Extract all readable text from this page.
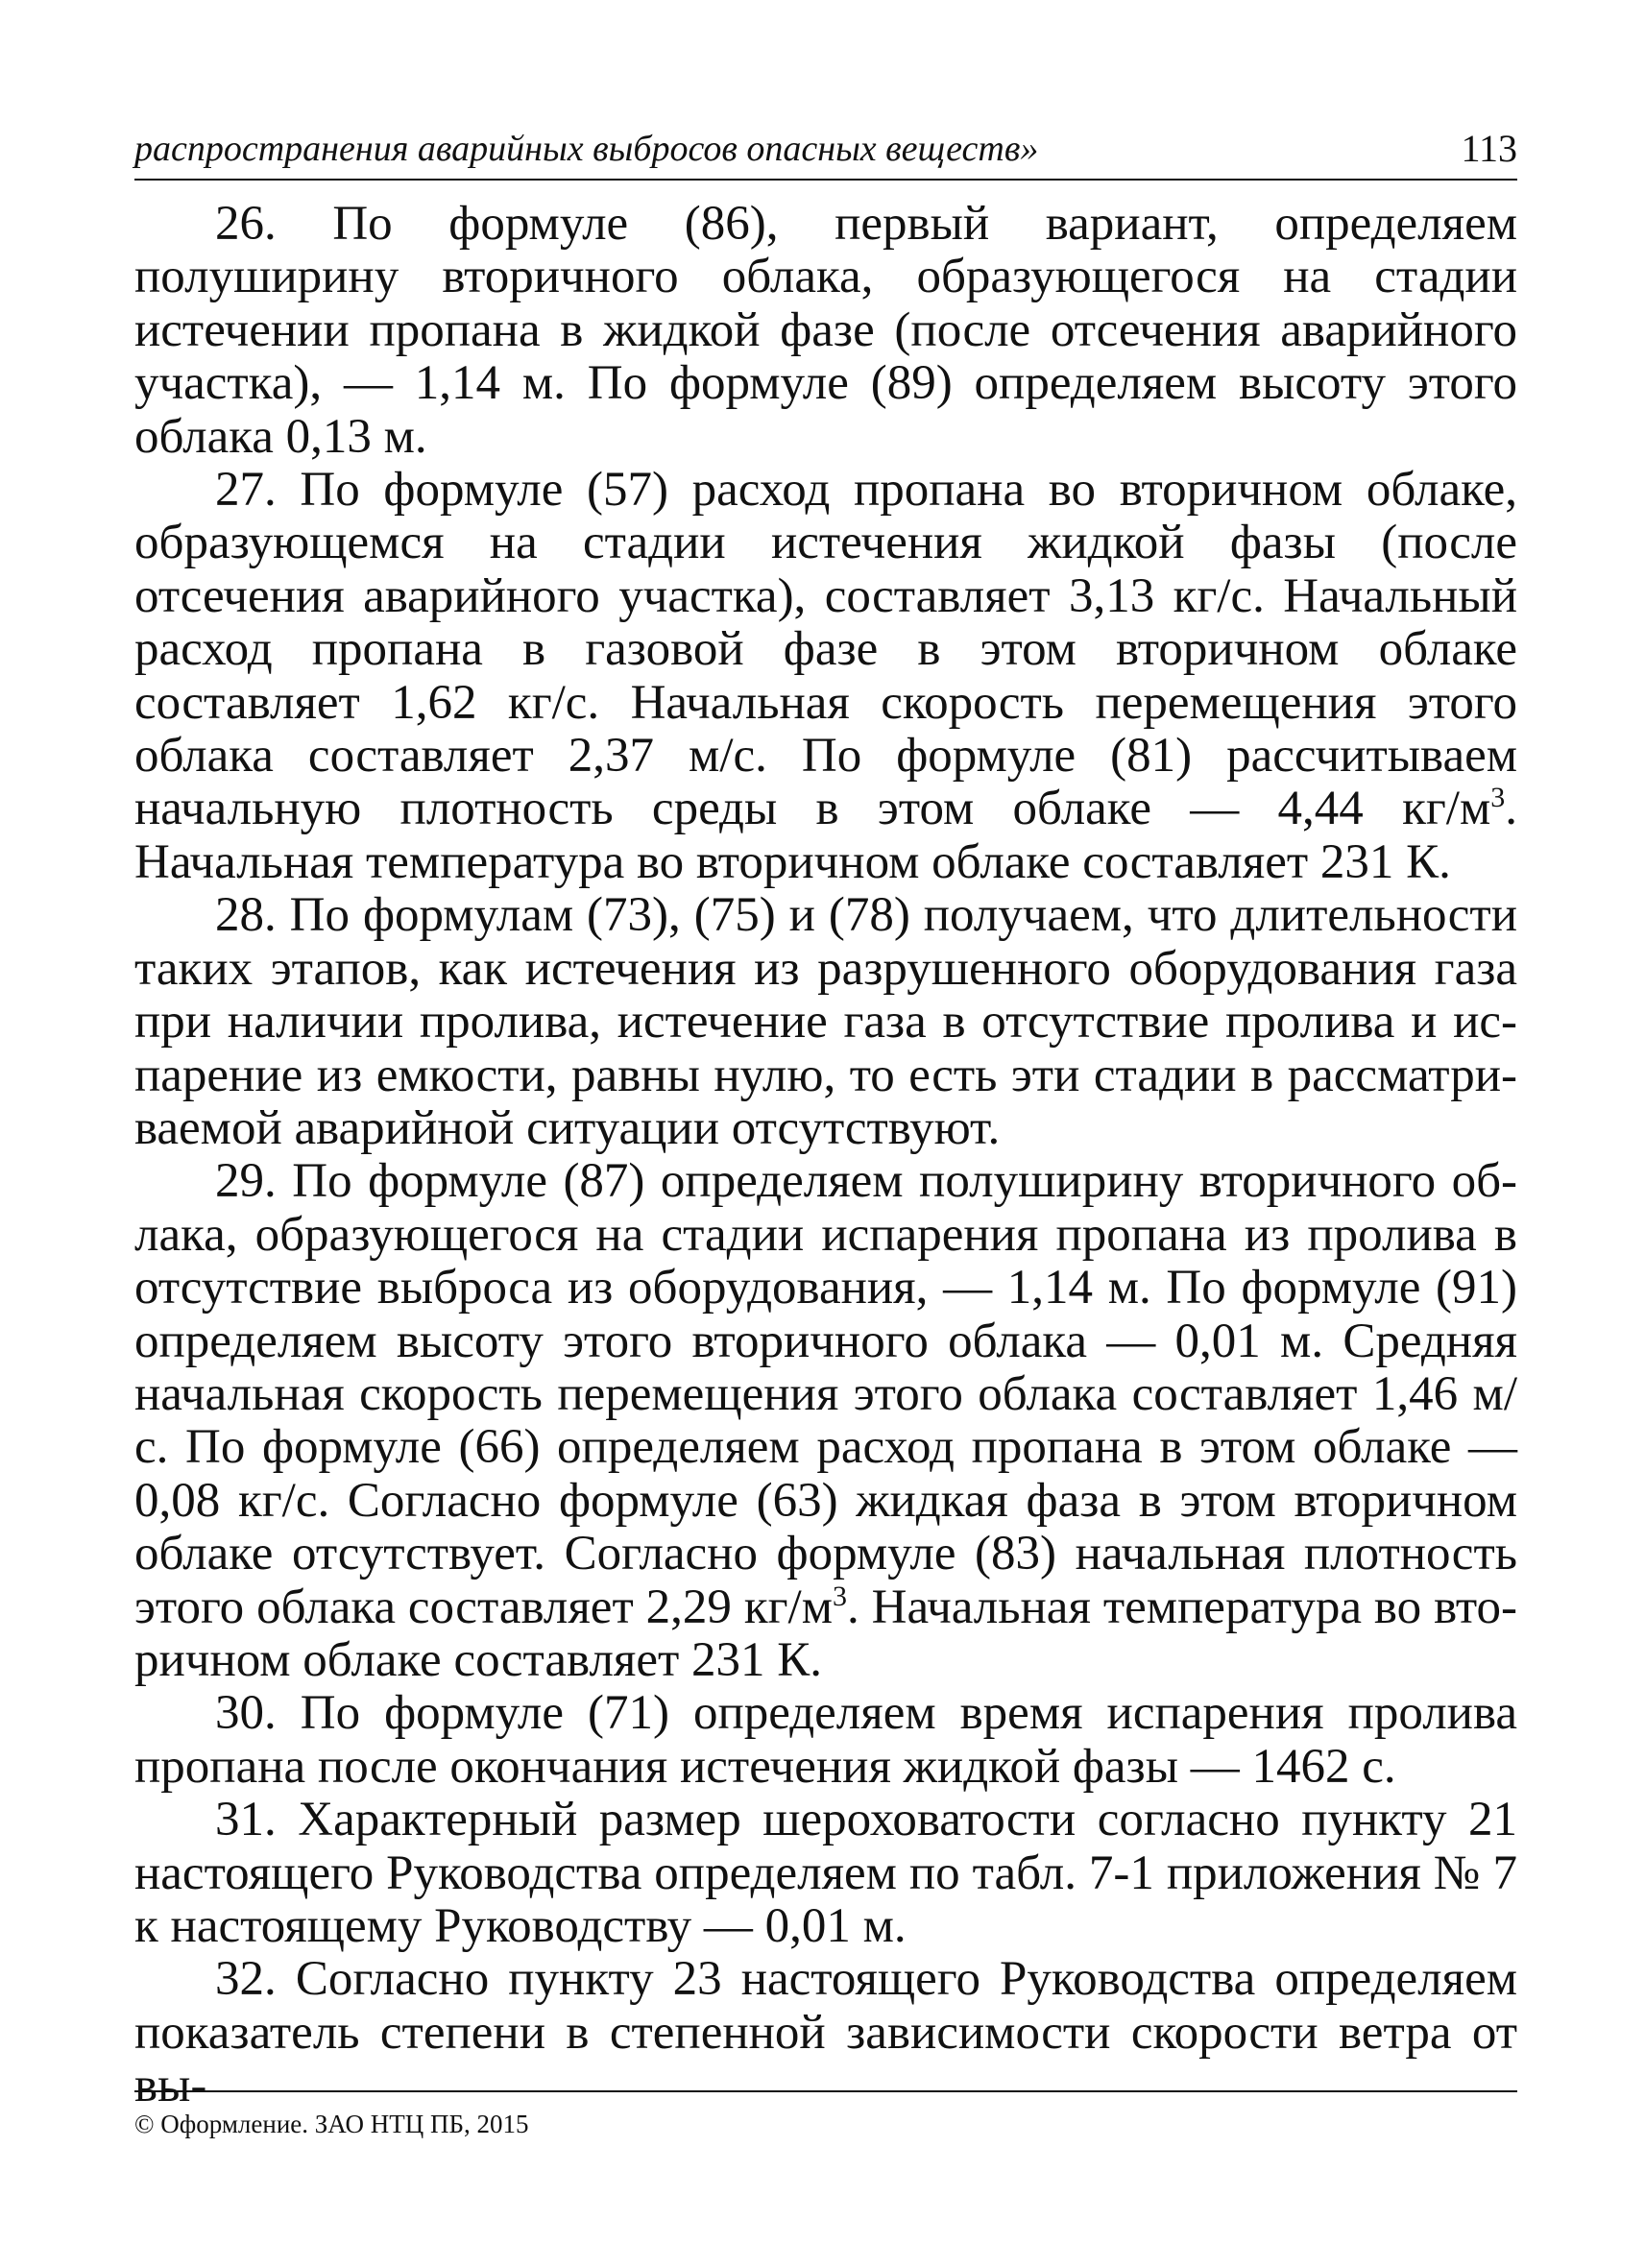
распространения аварийных выбросов опасных веществ»	113

26. По формуле (86), первый вариант, определяем полуширину вторичного облака, образующегося на стадии истечении пропана в жидкой фазе (после отсечения аварийного участка), — 1,14 м. По формуле (89) определяем высоту этого облака 0,13 м.

27. По формуле (57) расход пропана во вторичном облаке, образующемся на стадии истечения жидкой фазы (после отсечения аварийного участка), составляет 3,13 кг/с. Начальный расход пропана в газовой фазе в этом вторичном облаке составляет 1,62 кг/с. Начальная скорость перемещения этого облака составляет 2,37 м/с. По формуле (81) рассчитываем начальную плотность среды в этом облаке — 4,44 $кг/м^3$. Начальная температура во вторичном облаке составляет 231 К.

28. По формулам (73), (75) и (78) получаем, что длительности таких этапов, как истечения из разрушенного оборудования газа при наличии пролива, истечение газа в отсутствие пролива и испарение из емкости, равны нулю, то есть эти стадии в рассматриваемой аварийной ситуации отсутствуют.

29. По формуле (87) определяем полуширину вторичного облака, образующегося на стадии испарения пропана из пролива в отсутствие выброса из оборудования, — 1,14 м. По формуле (91) определяем высоту этого вторичного облака — 0,01 м. Средняя начальная скорость перемещения этого облака составляет 1,46 м/с. По формуле (66) определяем расход пропана в этом облаке — 0,08 кг/с. Согласно формуле (63) жидкая фаза в этом вторичном облаке отсутствует. Согласно формуле (83) начальная плотность этого облака составляет 2,29 $кг/м^3$. Начальная температура во вторичном облаке составляет 231 К.

30. По формуле (71) определяем время испарения пролива пропана после окончания истечения жидкой фазы — 1462 с.

31. Характерный размер шероховатости согласно пункту 21 настоящего Руководства определяем по табл. 7-1 приложения № 7 к настоящему Руководству — 0,01 м.

32. Согласно пункту 23 настоящего Руководства определяем показатель степени в степенной зависимости скорости ветра от вы-

© Оформление. ЗАО НТЦ ПБ, 2015
